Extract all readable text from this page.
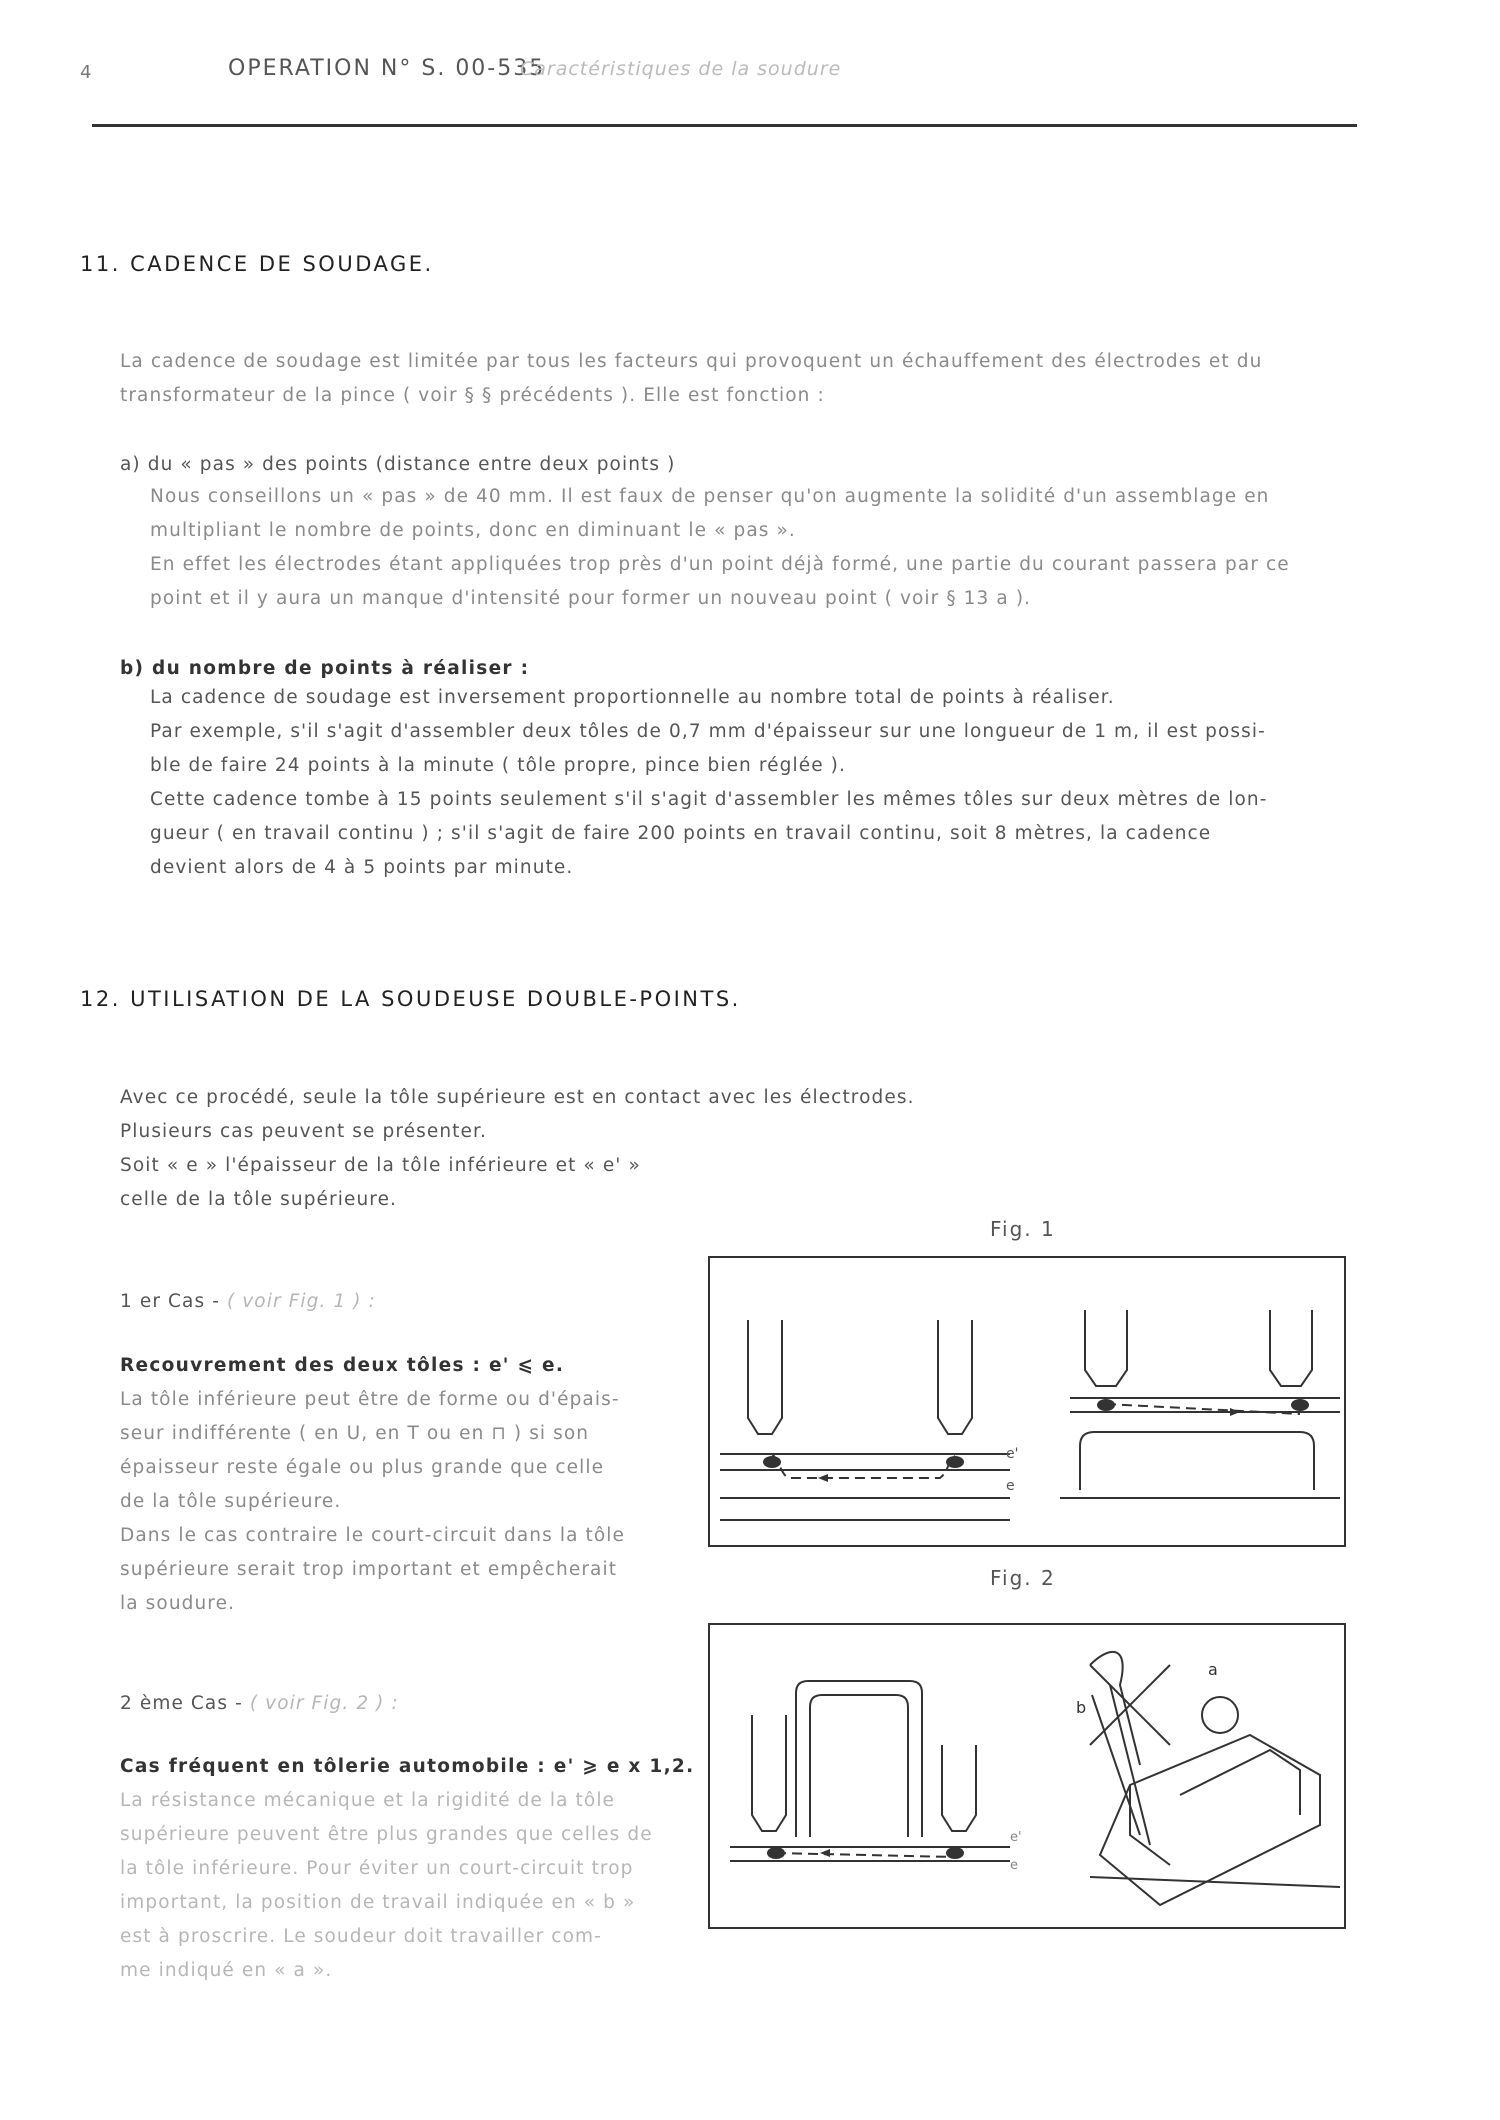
4	OPERATION N° S. 00-535
Caractéristiques de la soudure
11. CADENCE DE SOUDAGE.
La cadence de soudage est limitée par tous les facteurs qui provoquent un échauffement des électrodes et du
transformateur de la pince ( voir § § précédents ). Elle est fonction :
a) du « pas » des points (distance entre deux points )
Nous conseillons un « pas » de 40 mm. Il est faux de penser qu'on augmente la solidité d'un assemblage en
multipliant le nombre de points, donc en diminuant le « pas ».
En effet les électrodes étant appliquées trop près d'un point déjà formé, une partie du courant passera par ce
point et il y aura un manque d'intensité pour former un nouveau point ( voir § 13 a ).
b) du nombre de points à réaliser :
La cadence de soudage est inversement proportionnelle au nombre total de points à réaliser.
Par exemple, s'il s'agit d'assembler deux tôles de 0,7 mm d'épaisseur sur une longueur de 1 m, il est possi-
ble de faire 24 points à la minute ( tôle propre, pince bien réglée ).
Cette cadence tombe à 15 points seulement s'il s'agit d'assembler les mêmes tôles sur deux mètres de lon-
gueur ( en travail continu ) ; s'il s'agit de faire 200 points en travail continu, soit 8 mètres, la cadence
devient alors de 4 à 5 points par minute.
12. UTILISATION DE LA SOUDEUSE DOUBLE-POINTS.
Avec ce procédé, seule la tôle supérieure est en contact avec les électrodes.
Plusieurs cas peuvent se présenter.
Soit « e » l'épaisseur de la tôle inférieure et « e' »
celle de la tôle supérieure.
1 er Cas - ( voir Fig. 1 ) :
Recouvrement des deux tôles : e' ⩽ e.
La tôle inférieure peut être de forme ou d'épais-
seur indifférente ( en U, en T ou en ⊓ ) si son
épaisseur reste égale ou plus grande que celle
de la tôle supérieure.
Dans le cas contraire le court-circuit dans la tôle
supérieure serait trop important et empêcherait
la soudure.
2 ème Cas - ( voir Fig. 2 ) :
Cas fréquent en tôlerie automobile : e' ⩾ e x 1,2.
La résistance mécanique et la rigidité de la tôle
supérieure peuvent être plus grandes que celles de
la tôle inférieure. Pour éviter un court-circuit trop
important, la position de travail indiquée en « b »
est à proscrire. Le soudeur doit travailler com-
me indiqué en « a ».
Fig. 1
e'
e
Fig. 2
a
b
e'
e
